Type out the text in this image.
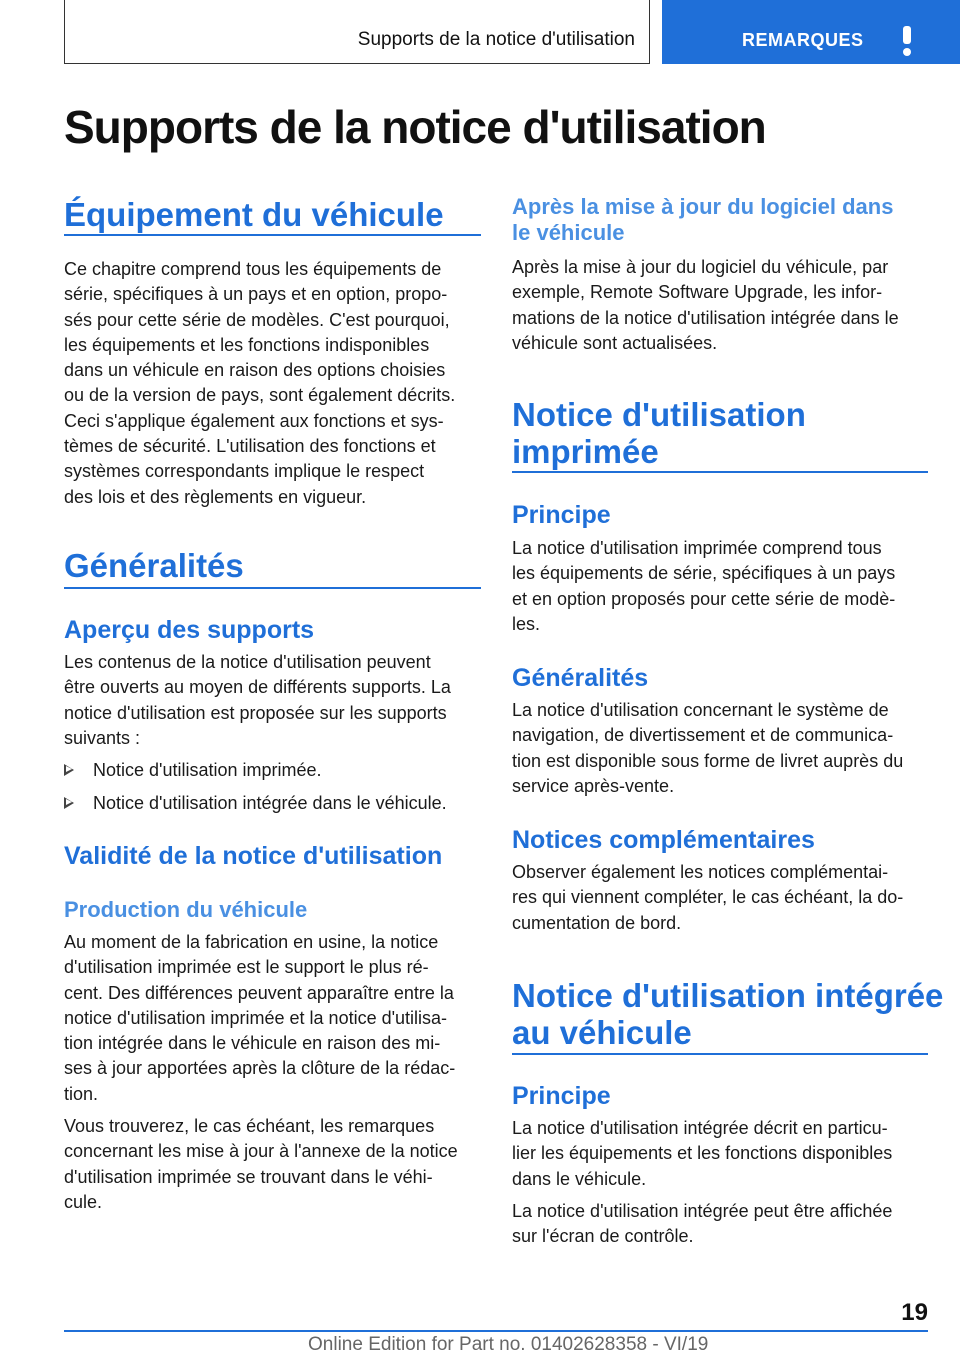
Supports de la notice d'utilisation	REMARQUES
Supports de la notice d'utilisation
Équipement du véhicule
Ce chapitre comprend tous les équipements de
série, spécifiques à un pays et en option, propo-
sés pour cette série de modèles. C'est pourquoi,
les équipements et les fonctions indisponibles
dans un véhicule en raison des options choisies
ou de la version de pays, sont également décrits.
Ceci s'applique également aux fonctions et sys-
tèmes de sécurité. L'utilisation des fonctions et
systèmes correspondants implique le respect
des lois et des règlements en vigueur.
Généralités
Aperçu des supports
Les contenus de la notice d'utilisation peuvent
être ouverts au moyen de différents supports. La
notice d'utilisation est proposée sur les supports
suivants :
Notice d'utilisation imprimée.
Notice d'utilisation intégrée dans le véhicule.
Validité de la notice d'utilisation
Production du véhicule
Au moment de la fabrication en usine, la notice
d'utilisation imprimée est le support le plus ré-
cent. Des différences peuvent apparaître entre la
notice d'utilisation imprimée et la notice d'utilisa-
tion intégrée dans le véhicule en raison des mi-
ses à jour apportées après la clôture de la rédac-
tion.
Vous trouverez, le cas échéant, les remarques
concernant les mise à jour à l'annexe de la notice
d'utilisation imprimée se trouvant dans le véhi-
cule.
Après la mise à jour du logiciel dans
le véhicule
Après la mise à jour du logiciel du véhicule, par
exemple, Remote Software Upgrade, les infor-
mations de la notice d'utilisation intégrée dans le
véhicule sont actualisées.
Notice d'utilisation
imprimée
Principe
La notice d'utilisation imprimée comprend tous
les équipements de série, spécifiques à un pays
et en option proposés pour cette série de modè-
les.
Généralités
La notice d'utilisation concernant le système de
navigation, de divertissement et de communica-
tion est disponible sous forme de livret auprès du
service après-vente.
Notices complémentaires
Observer également les notices complémentai-
res qui viennent compléter, le cas échéant, la do-
cumentation de bord.
Notice d'utilisation intégrée
au véhicule
Principe
La notice d'utilisation intégrée décrit en particu-
lier les équipements et les fonctions disponibles
dans le véhicule.
La notice d'utilisation intégrée peut être affichée
sur l'écran de contrôle.
19
Online Edition for Part no. 01402628358 - VI/19
